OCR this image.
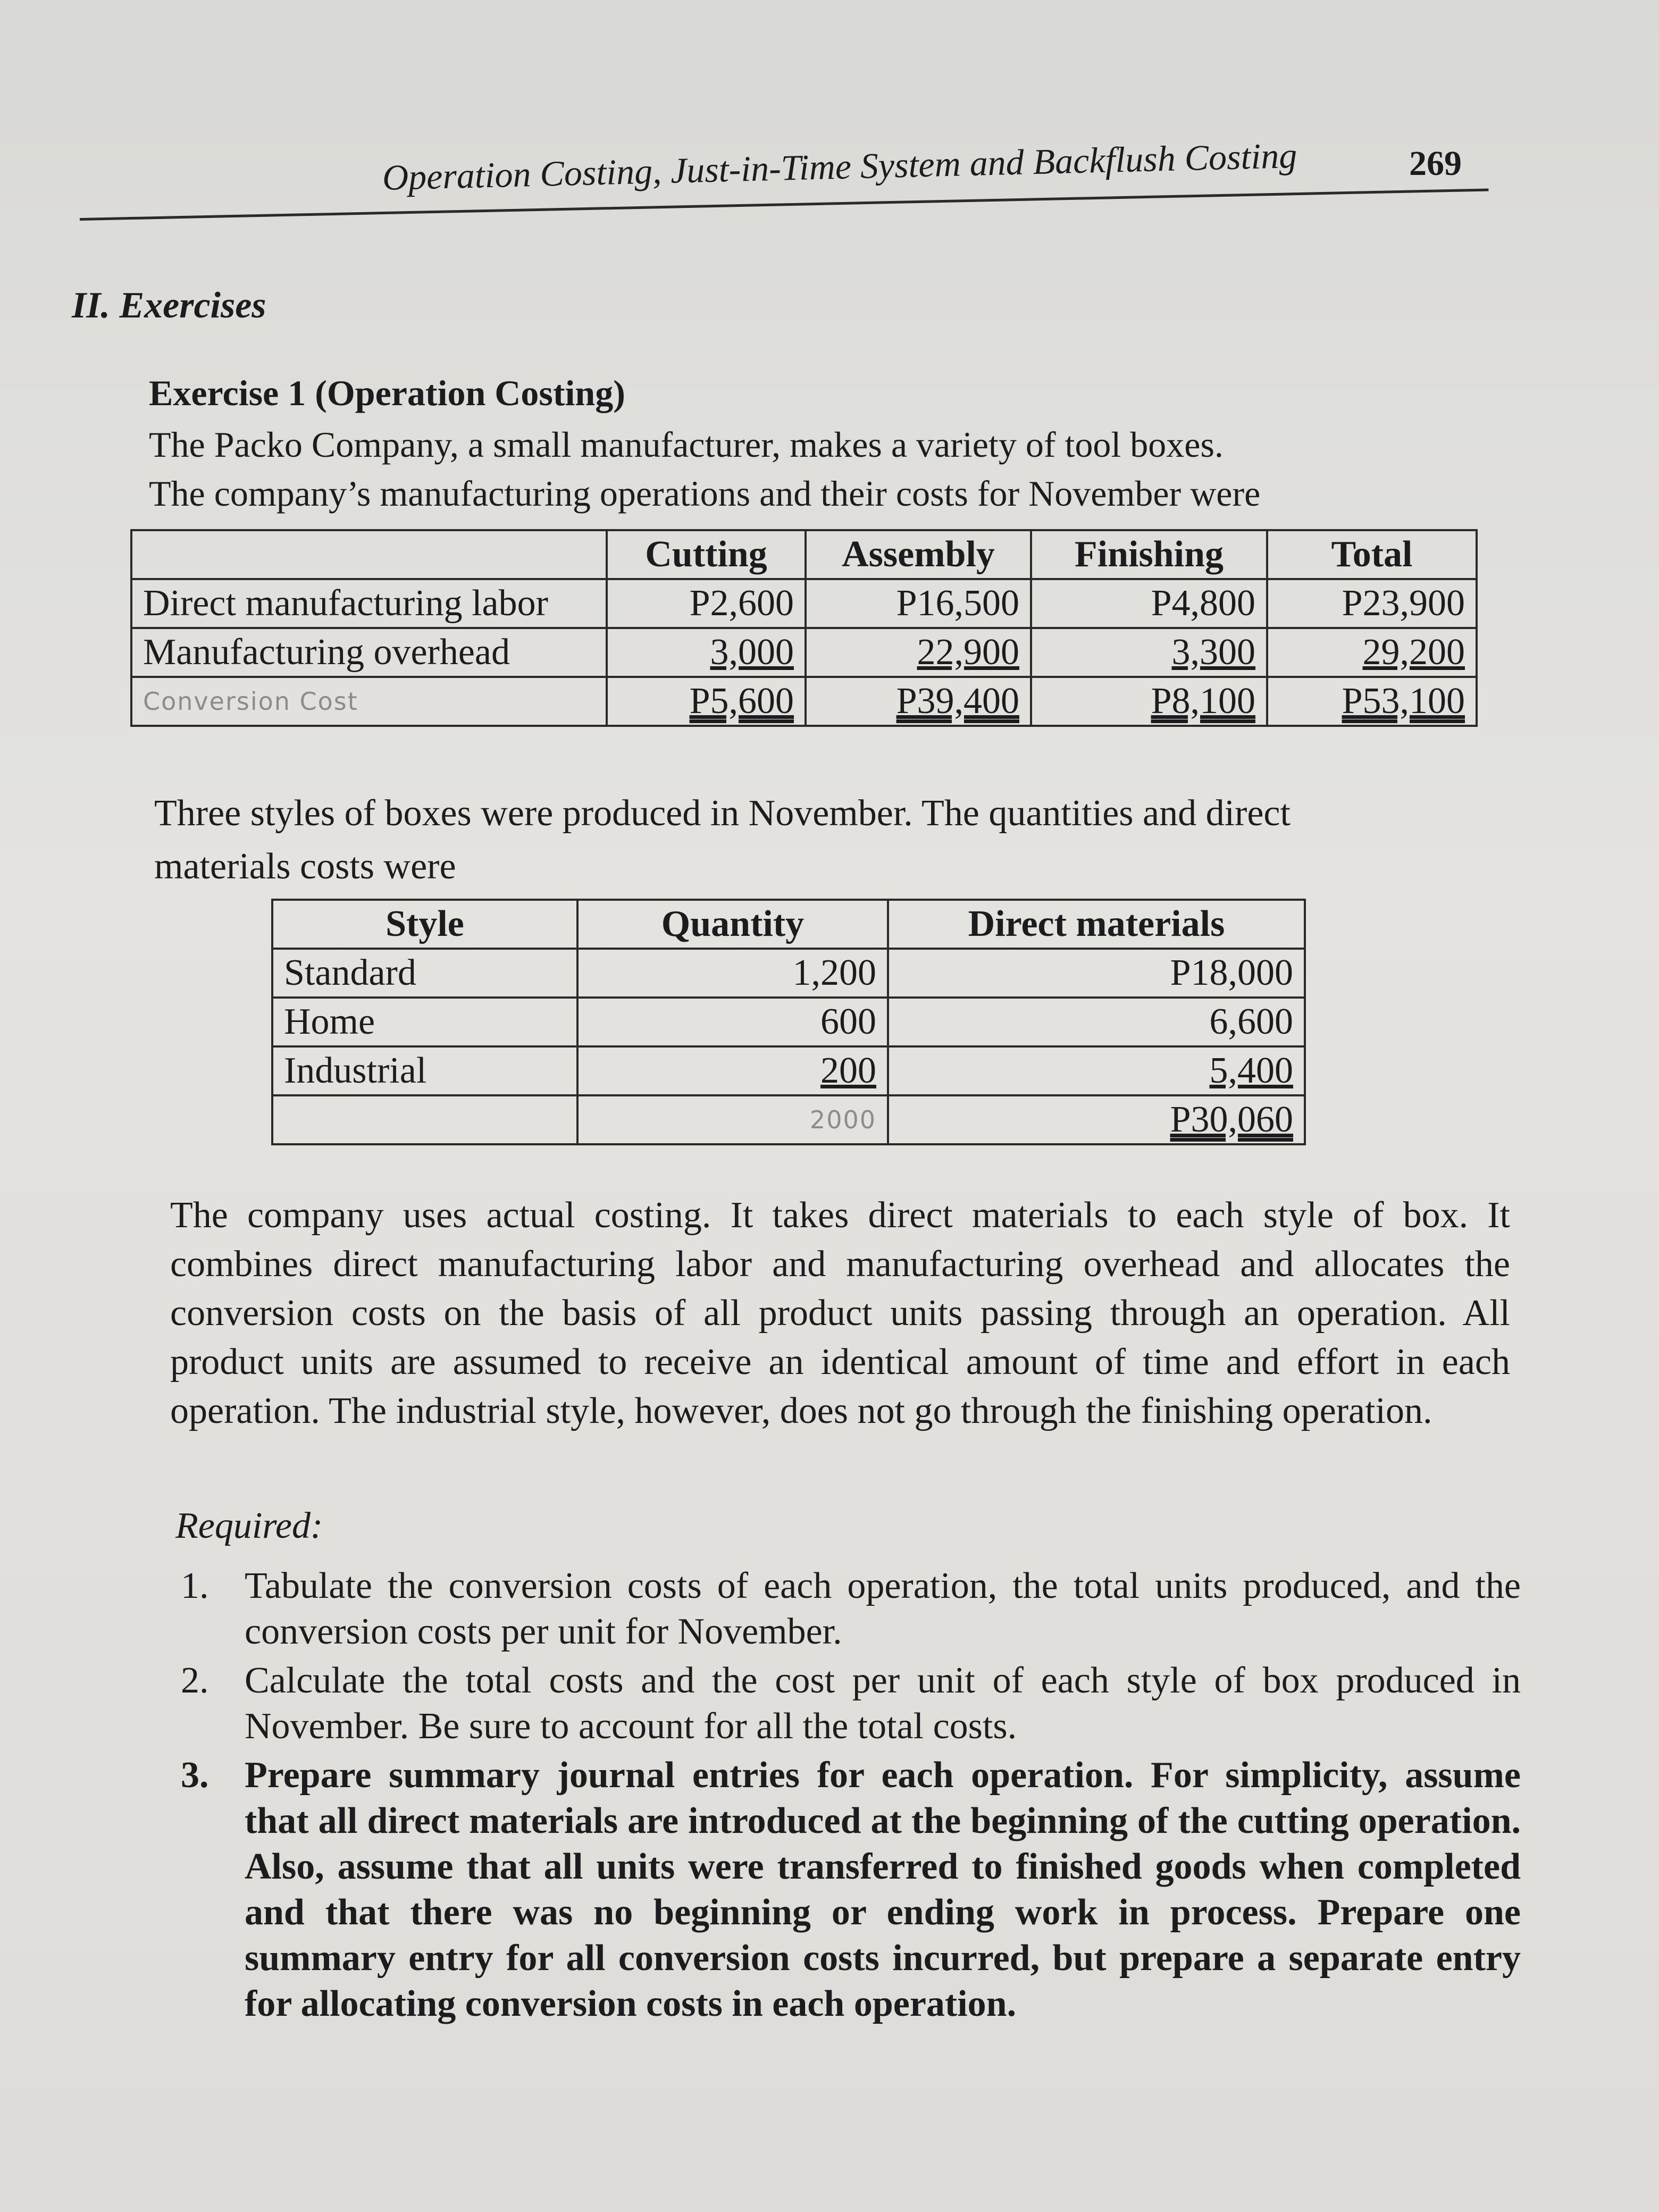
Operation Costing, Just-in-Time System and Backflush Costing	269
II. Exercises
Exercise 1 (Operation Costing)
The Packo Company, a small manufacturer, makes a variety of tool boxes.
The company’s manufacturing operations and their costs for November were
	Cutting	Assembly	Finishing	Total
Direct manufacturing labor	P2,600	P16,500	P4,800	P23,900
Manufacturing overhead	3,000	22,900	3,300	29,200
Conversion Cost	P5,600	P39,400	P8,100	P53,100
Three styles of boxes were produced in November. The quantities and direct
materials costs were
Style	Quantity	Direct materials
Standard	1,200	P18,000
Home	600	6,600
Industrial	200	5,400
	2000	P30,060
The company uses actual costing. It takes direct materials to each style of box. It combines direct manufacturing labor and manufacturing overhead and allocates the conversion costs on the basis of all product units passing through an operation. All product units are assumed to receive an identical amount of time and effort in each operation. The industrial style, however, does not go through the finishing operation.
Required:
1. Tabulate the conversion costs of each operation, the total units produced, and the conversion costs per unit for November.
2. Calculate the total costs and the cost per unit of each style of box produced in November. Be sure to account for all the total costs.
3. Prepare summary journal entries for each operation. For simplicity, assume that all direct materials are introduced at the beginning of the cutting operation. Also, assume that all units were transferred to finished goods when completed and that there was no beginning or ending work in process. Prepare one summary entry for all conversion costs incurred, but prepare a separate entry for allocating conversion costs in each operation.
